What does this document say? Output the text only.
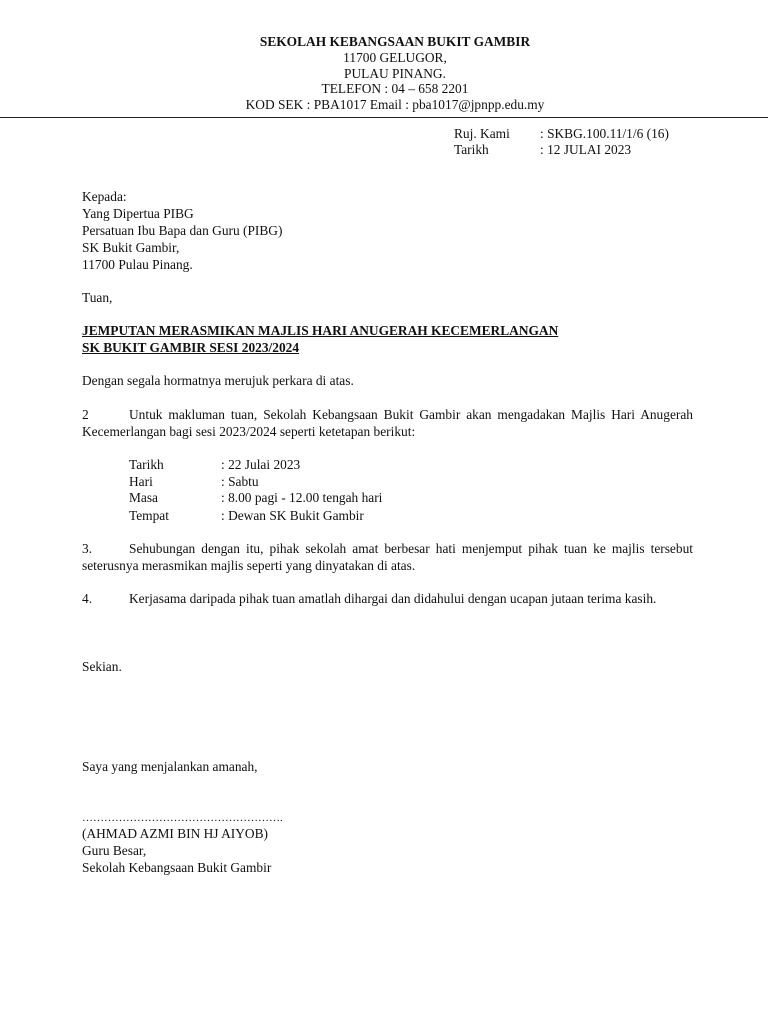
SEKOLAH KEBANGSAAN BUKIT GAMBIR
11700 GELUGOR,
PULAU PINANG.
TELEFON : 04 – 658 2201
KOD SEK : PBA1017 Email : pba1017@jpnpp.edu.my
Ruj. Kami : SKBG.100.11/1/6 (16)
Tarikh	: 12 JULAI 2023
Kepada:
Yang Dipertua PIBG
Persatuan Ibu Bapa dan Guru (PIBG)
SK Bukit Gambir,
11700 Pulau Pinang.
Tuan,
JEMPUTAN MERASMIKAN MAJLIS HARI ANUGERAH KECEMERLANGAN
SK BUKIT GAMBIR SESI 2023/2024
Dengan segala hormatnya merujuk perkara di atas.
2	Untuk makluman tuan, Sekolah Kebangsaan Bukit Gambir akan mengadakan Majlis Hari Anugerah Kecemerlangan bagi sesi 2023/2024 seperti ketetapan berikut:
Tarikh	: 22 Julai 2023
Hari	: Sabtu
Masa	: 8.00 pagi - 12.00 tengah hari
Tempat	: Dewan SK Bukit Gambir
3.	Sehubungan dengan itu, pihak sekolah amat berbesar hati menjemput pihak tuan ke majlis tersebut seterusnya merasmikan majlis seperti yang dinyatakan di atas.
4.	Kerjasama daripada pihak tuan amatlah dihargai dan didahului dengan ucapan jutaan terima kasih.
Sekian.
Saya yang menjalankan amanah,
……………………………………………….
(AHMAD AZMI BIN HJ AIYOB)
Guru Besar,
Sekolah Kebangsaan Bukit Gambir
